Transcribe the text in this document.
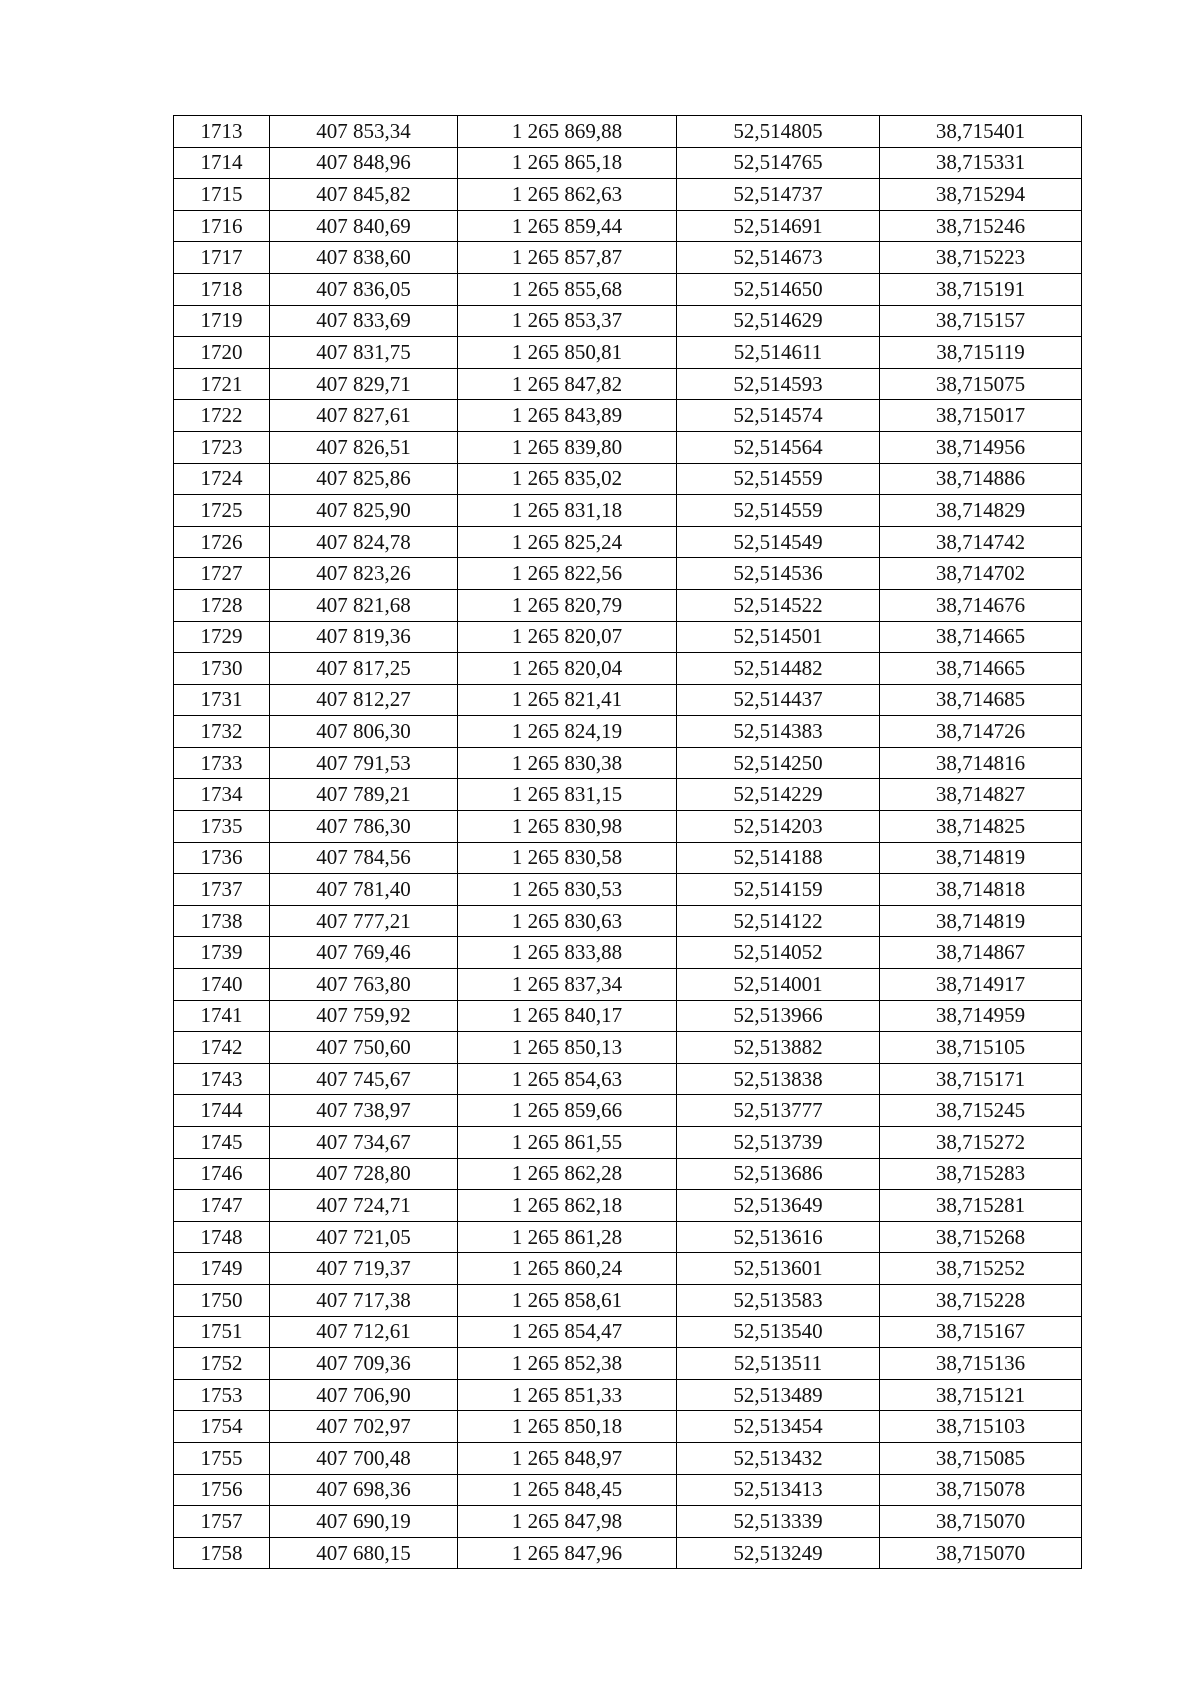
1713	407 853,34	1 265 869,88	52,514805	38,715401
1714	407 848,96	1 265 865,18	52,514765	38,715331
1715	407 845,82	1 265 862,63	52,514737	38,715294
1716	407 840,69	1 265 859,44	52,514691	38,715246
1717	407 838,60	1 265 857,87	52,514673	38,715223
1718	407 836,05	1 265 855,68	52,514650	38,715191
1719	407 833,69	1 265 853,37	52,514629	38,715157
1720	407 831,75	1 265 850,81	52,514611	38,715119
1721	407 829,71	1 265 847,82	52,514593	38,715075
1722	407 827,61	1 265 843,89	52,514574	38,715017
1723	407 826,51	1 265 839,80	52,514564	38,714956
1724	407 825,86	1 265 835,02	52,514559	38,714886
1725	407 825,90	1 265 831,18	52,514559	38,714829
1726	407 824,78	1 265 825,24	52,514549	38,714742
1727	407 823,26	1 265 822,56	52,514536	38,714702
1728	407 821,68	1 265 820,79	52,514522	38,714676
1729	407 819,36	1 265 820,07	52,514501	38,714665
1730	407 817,25	1 265 820,04	52,514482	38,714665
1731	407 812,27	1 265 821,41	52,514437	38,714685
1732	407 806,30	1 265 824,19	52,514383	38,714726
1733	407 791,53	1 265 830,38	52,514250	38,714816
1734	407 789,21	1 265 831,15	52,514229	38,714827
1735	407 786,30	1 265 830,98	52,514203	38,714825
1736	407 784,56	1 265 830,58	52,514188	38,714819
1737	407 781,40	1 265 830,53	52,514159	38,714818
1738	407 777,21	1 265 830,63	52,514122	38,714819
1739	407 769,46	1 265 833,88	52,514052	38,714867
1740	407 763,80	1 265 837,34	52,514001	38,714917
1741	407 759,92	1 265 840,17	52,513966	38,714959
1742	407 750,60	1 265 850,13	52,513882	38,715105
1743	407 745,67	1 265 854,63	52,513838	38,715171
1744	407 738,97	1 265 859,66	52,513777	38,715245
1745	407 734,67	1 265 861,55	52,513739	38,715272
1746	407 728,80	1 265 862,28	52,513686	38,715283
1747	407 724,71	1 265 862,18	52,513649	38,715281
1748	407 721,05	1 265 861,28	52,513616	38,715268
1749	407 719,37	1 265 860,24	52,513601	38,715252
1750	407 717,38	1 265 858,61	52,513583	38,715228
1751	407 712,61	1 265 854,47	52,513540	38,715167
1752	407 709,36	1 265 852,38	52,513511	38,715136
1753	407 706,90	1 265 851,33	52,513489	38,715121
1754	407 702,97	1 265 850,18	52,513454	38,715103
1755	407 700,48	1 265 848,97	52,513432	38,715085
1756	407 698,36	1 265 848,45	52,513413	38,715078
1757	407 690,19	1 265 847,98	52,513339	38,715070
1758	407 680,15	1 265 847,96	52,513249	38,715070
